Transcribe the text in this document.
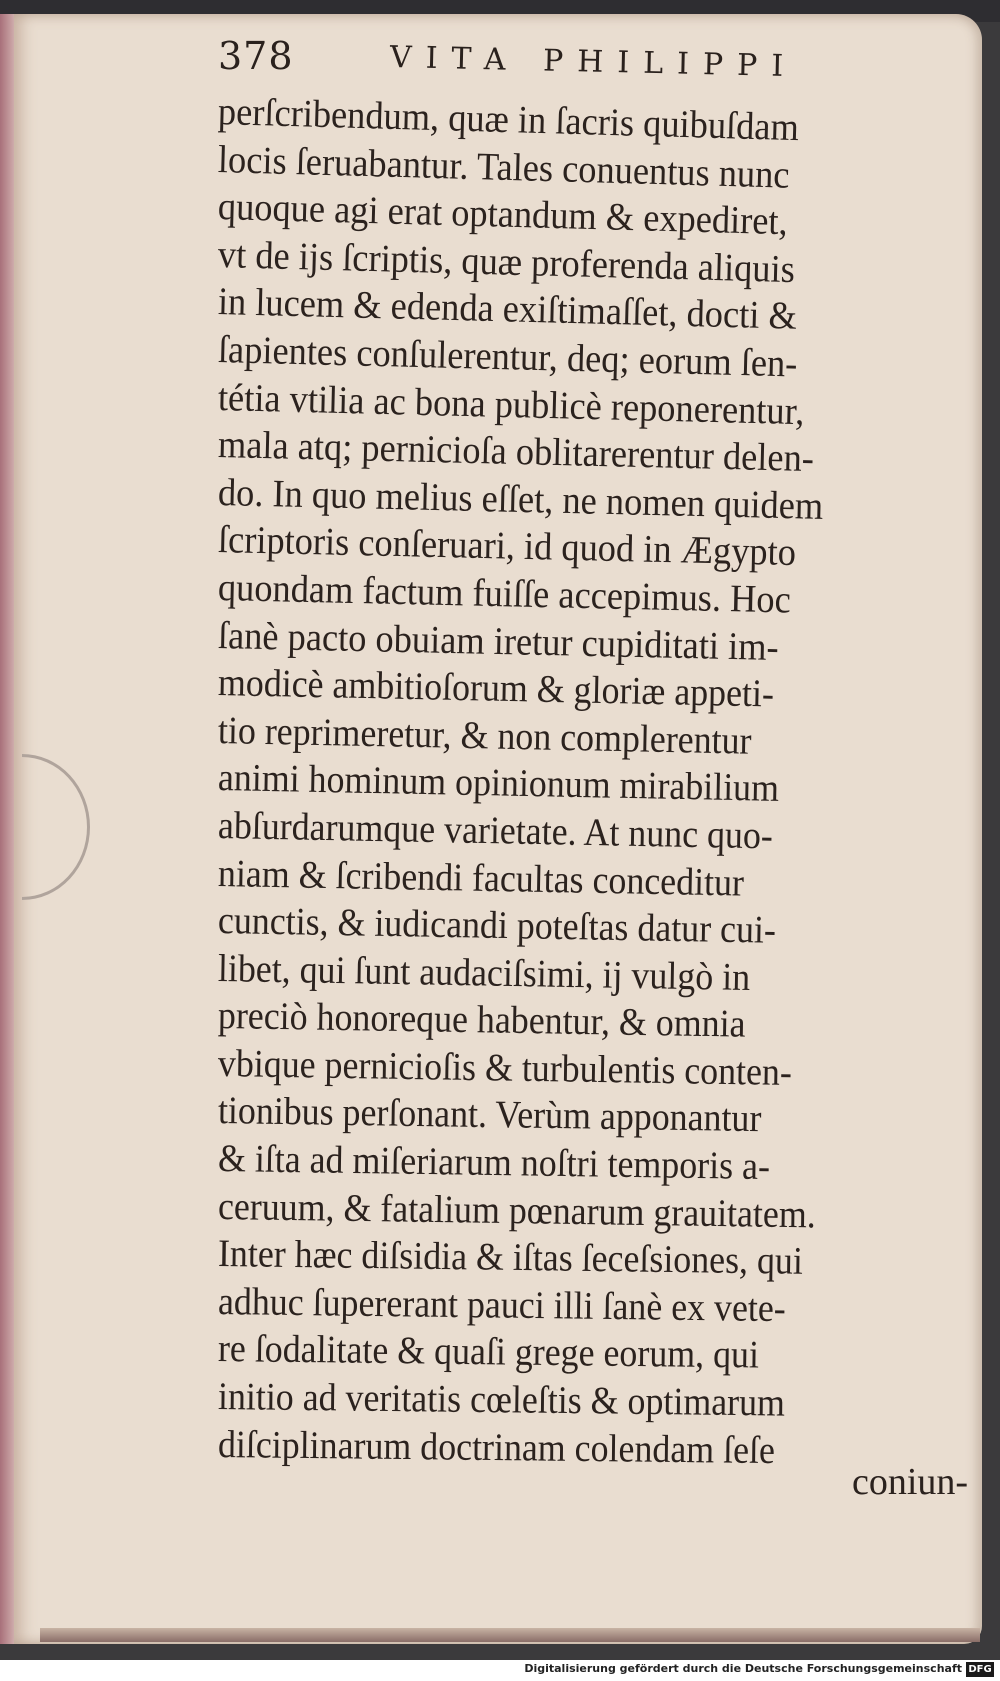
378	VITA PHILIPPI
perſcribendum, quæ in ſacris quibuſdam
locis ſeruabantur. Tales conuentus nunc
quoque agi erat optandum & expediret,
vt de ijs ſcriptis, quæ proferenda aliquis
in lucem & edenda exiſtimaſſet, docti &
ſapientes conſulerentur, deq; eorum ſen-
tétia vtilia ac bona publicè reponerentur,
mala atq; pernicioſa oblitarerentur delen-
do. In quo melius eſſet, ne nomen quidem
ſcriptoris conſeruari, id quod in Ægypto
quondam factum fuiſſe accepimus. Hoc
ſanè pacto obuiam iretur cupiditati im-
modicè ambitioſorum & gloriæ appeti-
tio reprimeretur, & non complerentur
animi hominum opinionum mirabilium
abſurdarumque varietate. At nunc quo-
niam & ſcribendi facultas conceditur
cunctis, & iudicandi poteſtas datur cui-
libet, qui ſunt audaciſsimi, ij vulgò in
preciò honoreque habentur, & omnia
vbique pernicioſis & turbulentis conten-
tionibus perſonant. Verùm apponantur
& iſta ad miſeriarum noſtri temporis a-
ceruum, & fatalium pœnarum grauitatem.
Inter hæc diſsidia & iſtas ſeceſsiones, qui
adhuc ſupererant pauci illi ſanè ex vete-
re ſodalitate & quaſi grege eorum, qui
initio ad veritatis cœleſtis & optimarum
diſciplinarum doctrinam colendam ſeſe
coniun-
Digitalisierung gefördert durch die Deutsche Forschungsgemeinschaft DFG
